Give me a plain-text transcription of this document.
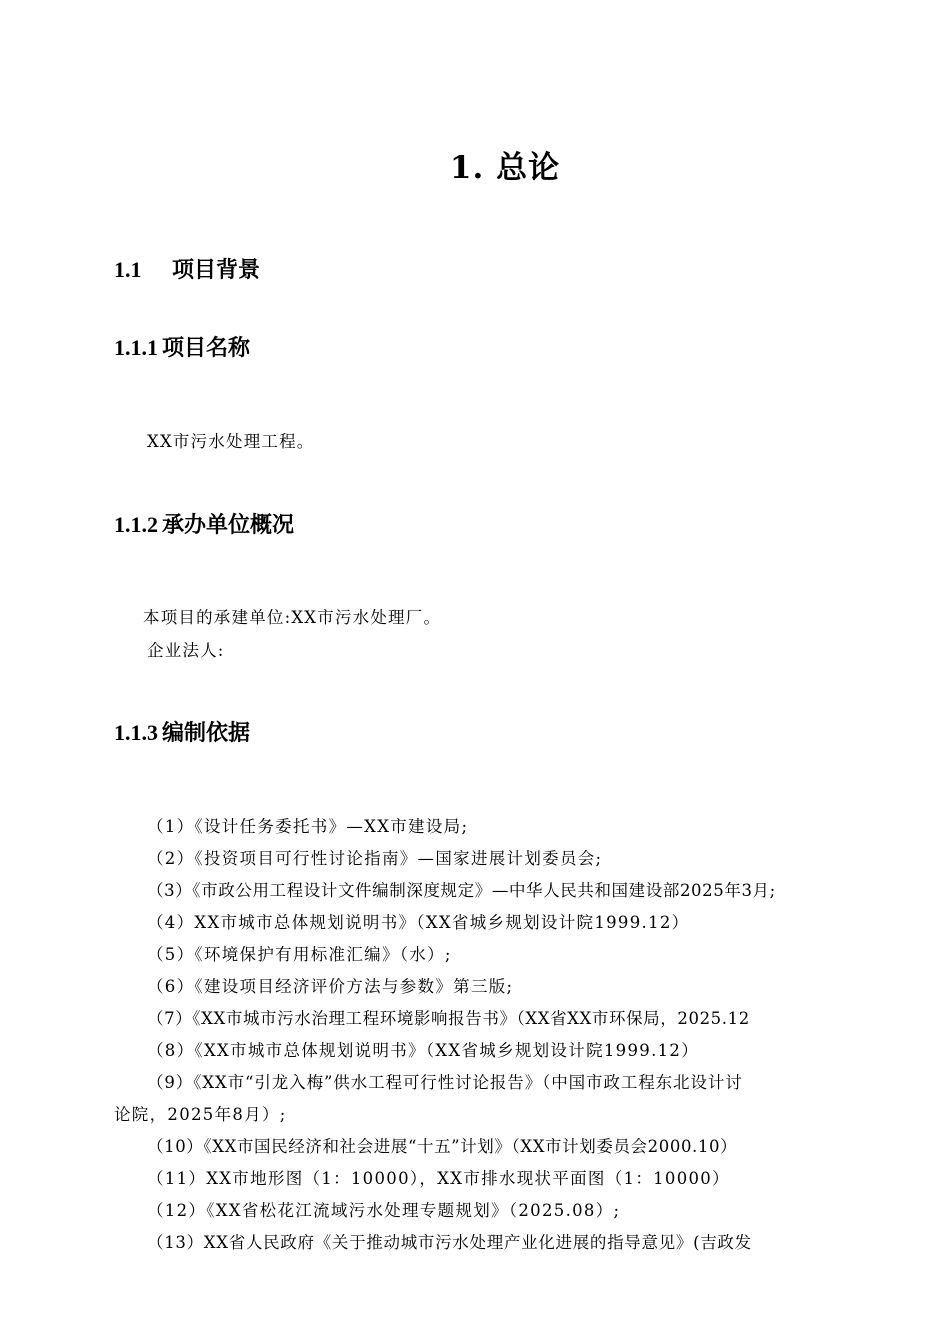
1. 总论
1.1 项目背景
1.1.1 项目名称
XX市污水处理工程。
1.1.2 承办单位概况
本项目的承建单位:XX市污水处理厂。
企业法人:
1.1.3 编制依据
（1）《设计任务委托书》—XX市建设局;
（2）《投资项目可行性讨论指南》—国家进展计划委员会;
（3）《市政公用工程设计文件编制深度规定》—中华人民共和国建设部2025年3月;
（4）XX市城市总体规划说明书》（XX省城乡规划设计院1999.12）
（5）《环境保护有用标准汇编》（水）;
（6）《建设项目经济评价方法与参数》第三版;
（7）《XX市城市污水治理工程环境影响报告书》（XX省XX市环保局，2025.12
（8）《XX市城市总体规划说明书》（XX省城乡规划设计院1999.12）
（9）《XX市“引龙入梅”供水工程可行性讨论报告》（中国市政工程东北设计讨
论院，2025年8月）;
（10）《XX市国民经济和社会进展“十五”计划》（XX市计划委员会2000.10）
（11）XX市地形图（1：10000），XX市排水现状平面图（1：10000）
（12）《XX省松花江流域污水处理专题规划》（2025.08）;
（13）XX省人民政府《关于推动城市污水处理产业化进展的指导意见》(吉政发
